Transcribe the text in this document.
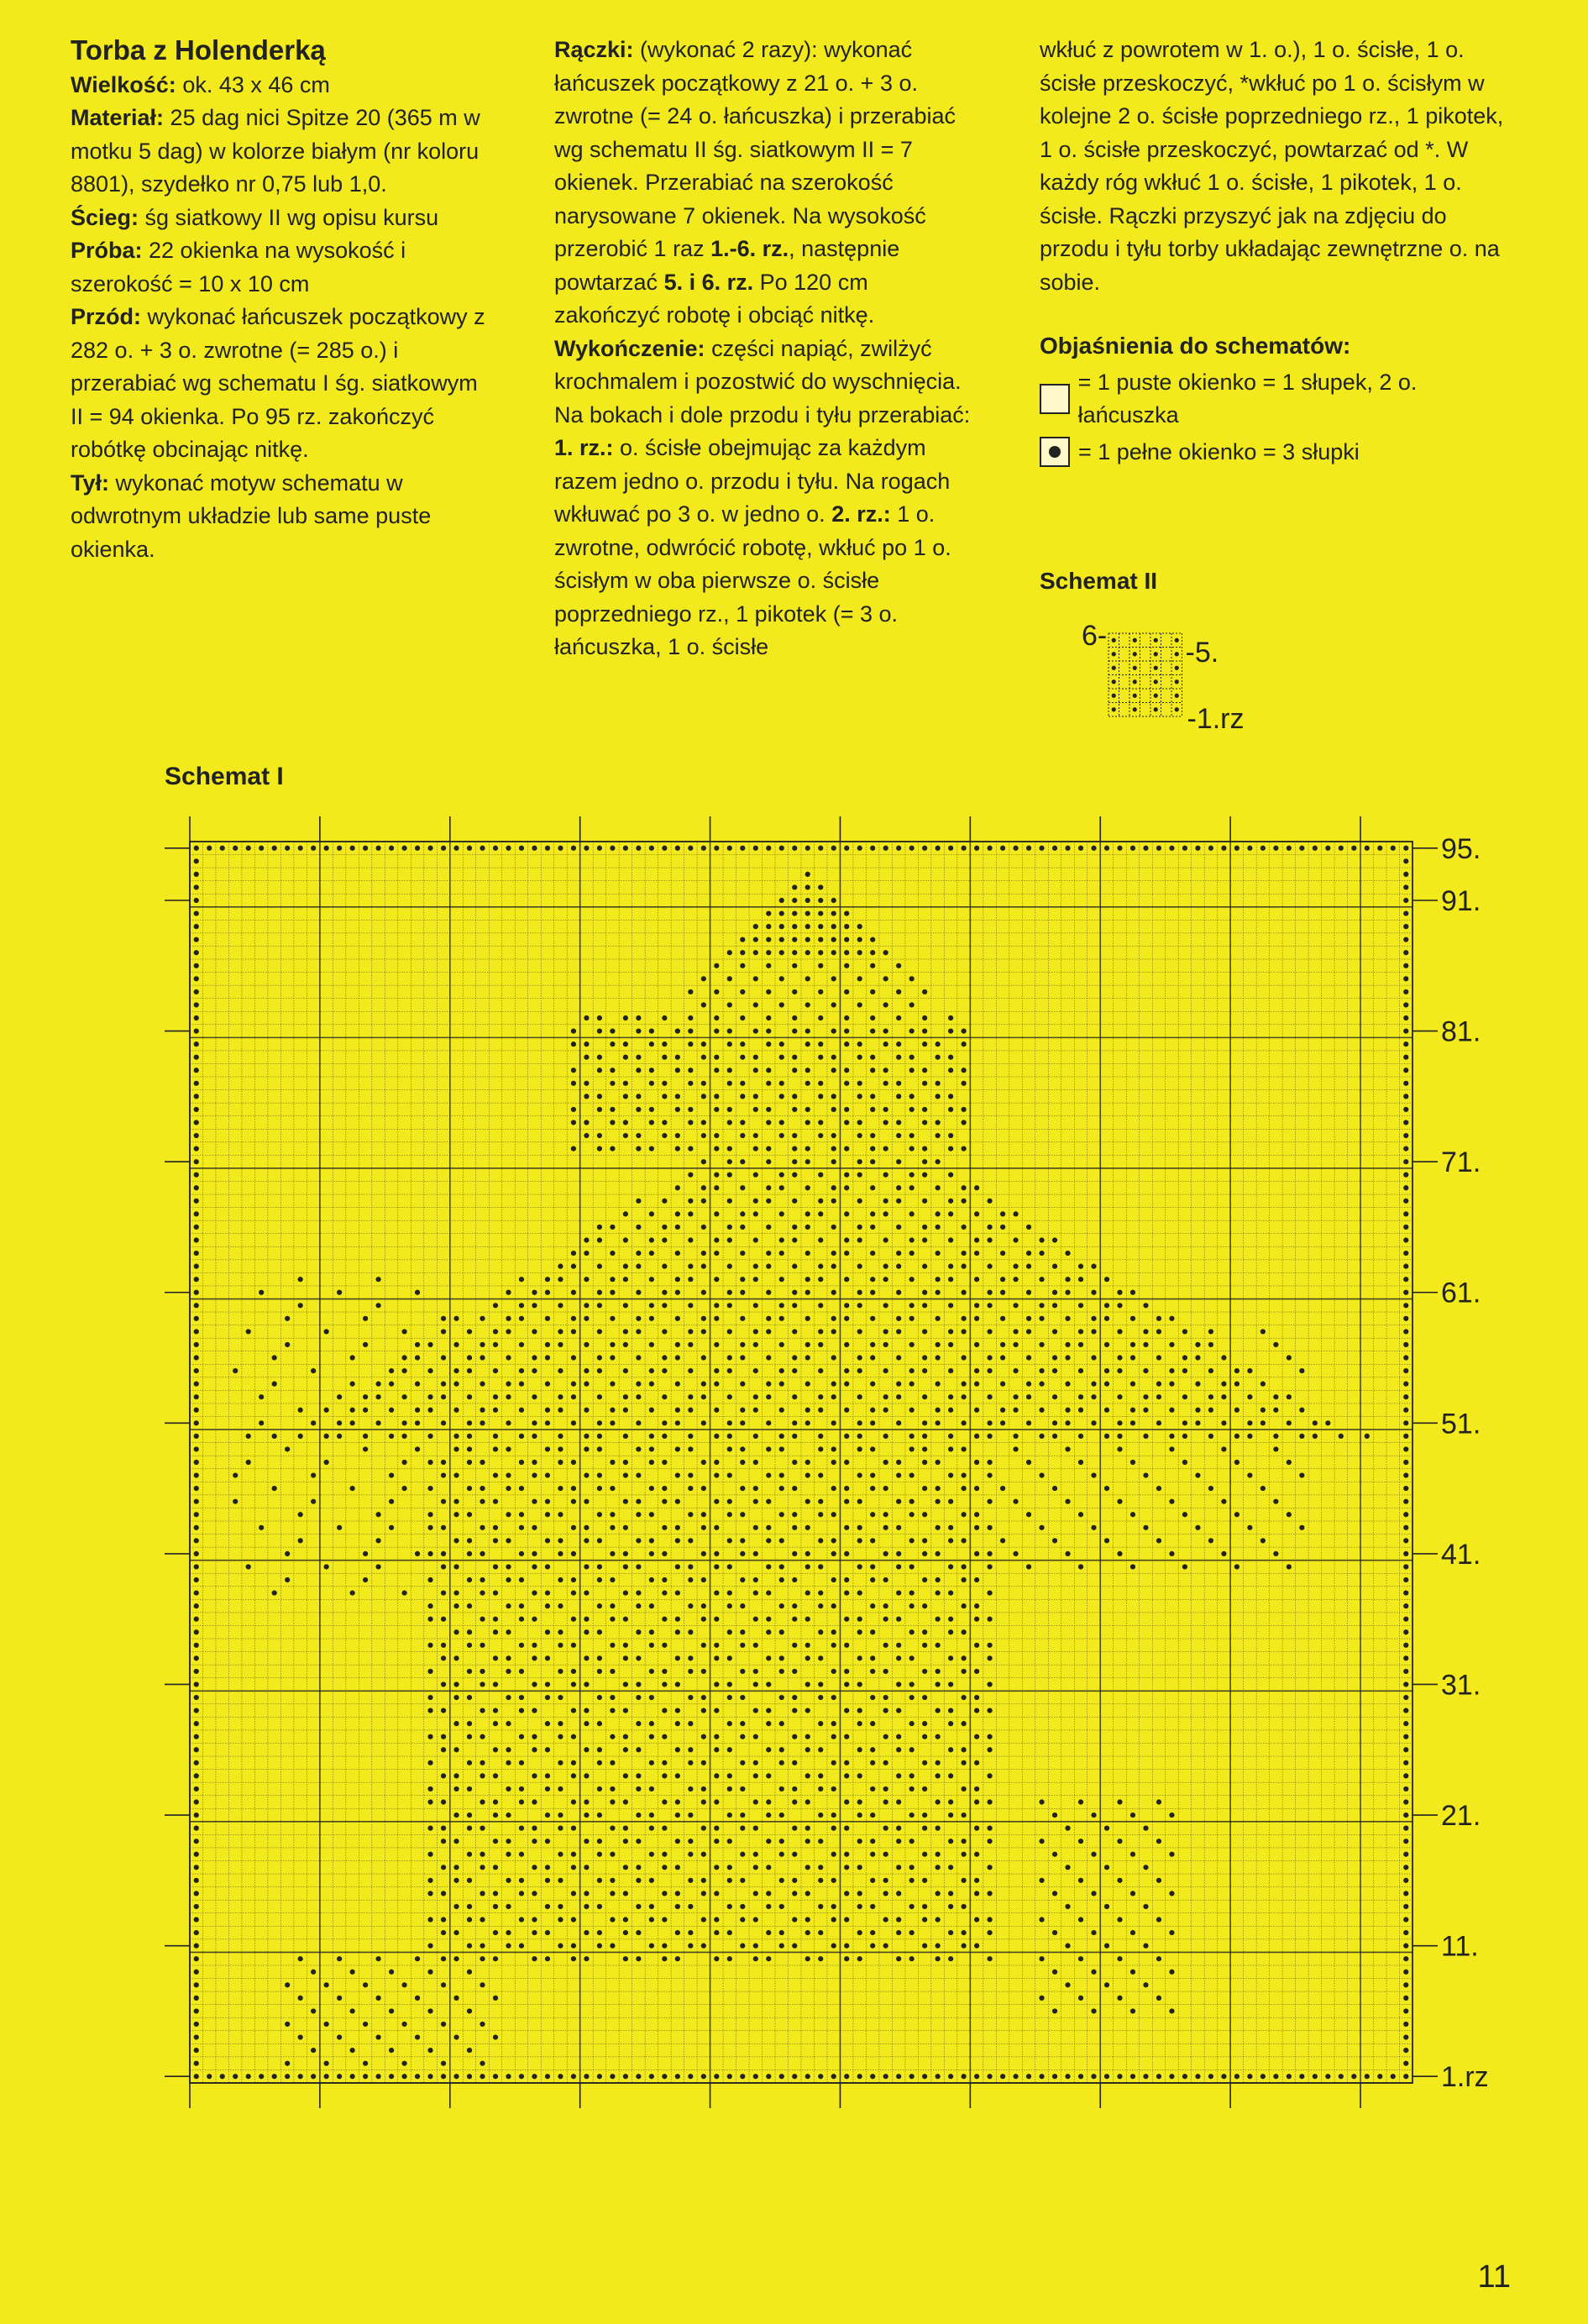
Torba z Holenderką

Wielkość: ok. 43 x 46 cm

Materiał: 25 dag nici Spitze 20 (365 m w motku 5 dag) w kolorze białym (nr koloru 8801), szydełko nr 0,75 lub 1,0.

Ścieg: śg siatkowy II wg opisu kursu

Próba: 22 okienka na wysokość i szerokość = 10 x 10 cm

Przód: wykonać łańcuszek początkowy z 282 o. + 3 o. zwrotne (= 285 o.) i przerabiać wg schematu I śg. siatkowym II = 94 okienka. Po 95 rz. zakończyć robótkę obcinając nitkę.

Tył: wykonać motyw schematu w odwrotnym układzie lub same puste okienka.

Rączki: (wykonać 2 razy): wykonać łańcuszek początkowy z 21 o. + 3 o. zwrotne (= 24 o. łańcuszka) i przerabiać wg schematu II śg. siatkowym II = 7 okienek. Przerabiać na szerokość narysowane 7 okienek. Na wysokość przerobić 1 raz 1.-6. rz., następnie powtarzać 5. i 6. rz. Po 120 cm zakończyć robotę i obciąć nitkę.

Wykończenie: części napiąć, zwilżyć krochmalem i pozostwić do wyschnięcia. Na bokach i dole przodu i tyłu przerabiać: 1. rz.: o. ścisłe obejmując za każdym razem jedno o. przodu i tyłu. Na rogach wkłuwać po 3 o. w jedno o. 2. rz.: 1 o. zwrotne, odwrócić robotę, wkłuć po 1 o. ścisłym w oba pierwsze o. ścisłe poprzedniego rz., 1 pikotek (= 3 o. łańcuszka, 1 o. ścisłe

wkłuć z powrotem w 1. o.), 1 o. ścisłe, 1 o. ścisłe przeskoczyć, *wkłuć po 1 o. ścisłym w kolejne 2 o. ścisłe poprzedniego rz., 1 pikotek, 1 o. ścisłe przeskoczyć, powtarzać od *. W każdy róg wkłuć 1 o. ścisłe, 1 pikotek, 1 o. ścisłe. Rączki przyszyć jak na zdjęciu do przodu i tyłu torby układając zewnętrzne o. na sobie.

Objaśnienia do schematów:

= 1 puste okienko = 1 słupek, 2 o. łańcuszka
= 1 pełne okienko = 3 słupki
Schemat II
Schemat I
6-
-5.
-1.rz
95.
91.
81.
71.
61.
51.
41.
31.
21.
11.
1.rz
11
